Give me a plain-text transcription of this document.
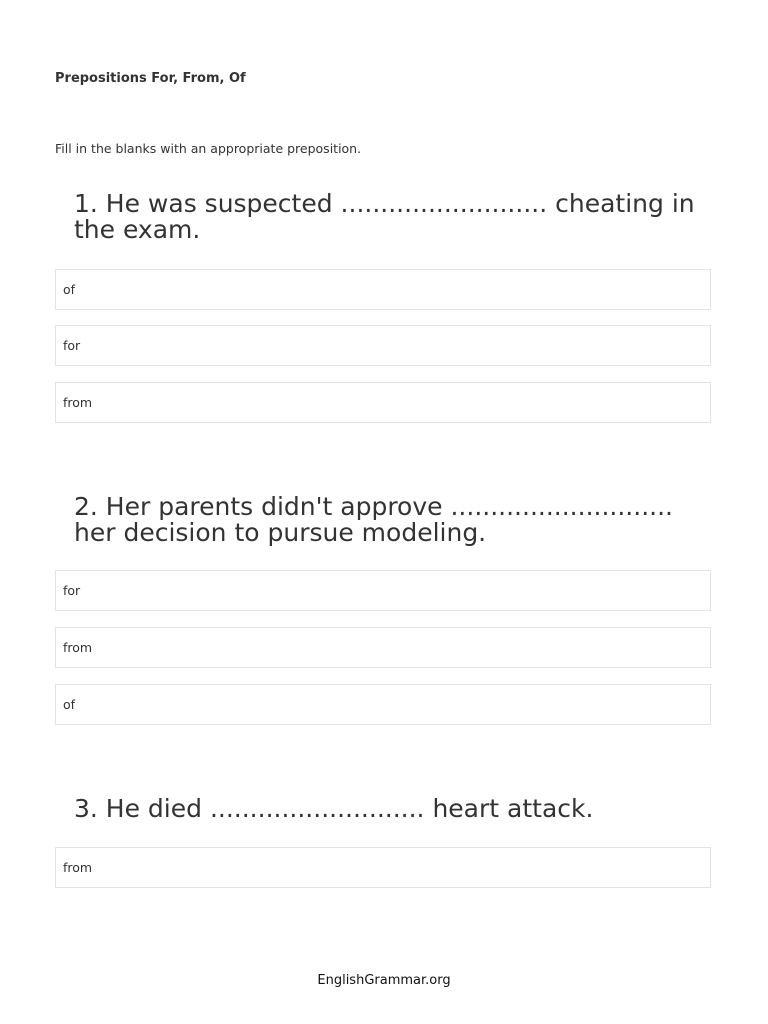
Prepositions For, From, Of

Fill in the blanks with an appropriate preposition.

1. He was suspected .......................... cheating in the exam.
of
for
from
2. Her parents didn't approve ............................ her decision to pursue modeling.
for
from
of
3. He died ........................... heart attack.
from
EnglishGrammar.org
